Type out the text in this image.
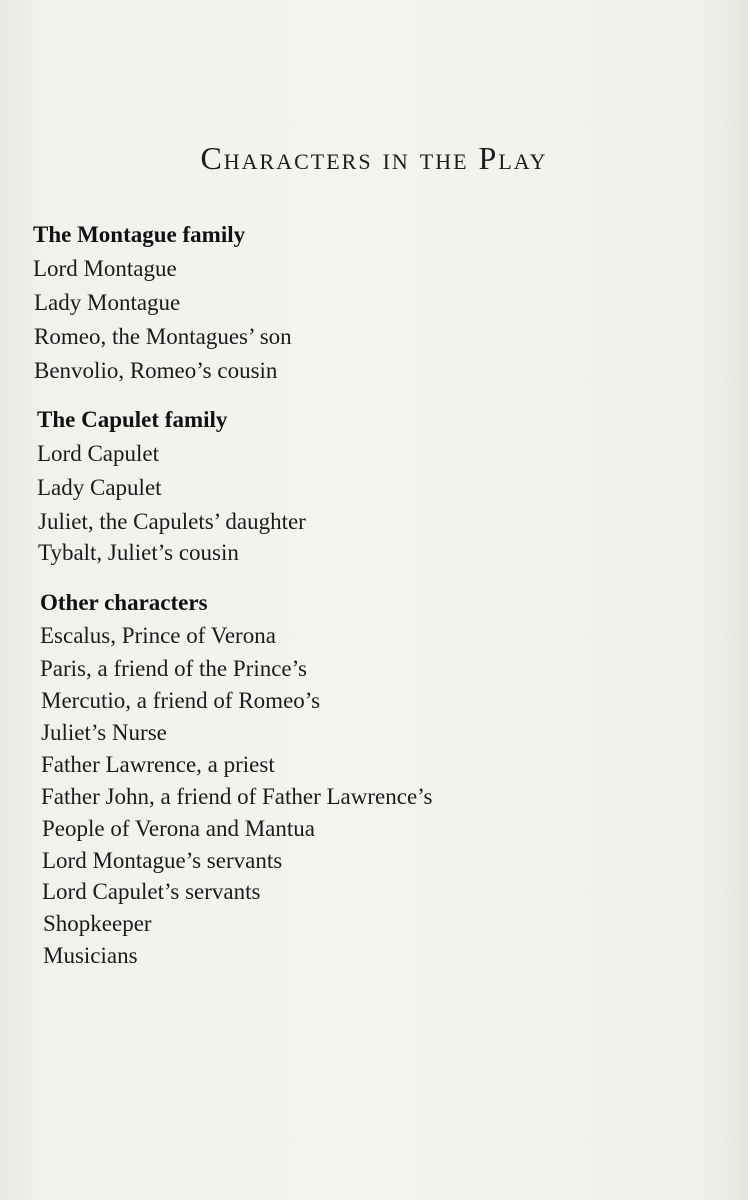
Characters in the Play
The Montague family
Lord Montague
Lady Montague
Romeo, the Montagues’ son
Benvolio, Romeo’s cousin
The Capulet family
Lord Capulet
Lady Capulet
Juliet, the Capulets’ daughter
Tybalt, Juliet’s cousin
Other characters
Escalus, Prince of Verona
Paris, a friend of the Prince’s
Mercutio, a friend of Romeo’s
Juliet’s Nurse
Father Lawrence, a priest
Father John, a friend of Father Lawrence’s
People of Verona and Mantua
Lord Montague’s servants
Lord Capulet’s servants
Shopkeeper
Musicians
